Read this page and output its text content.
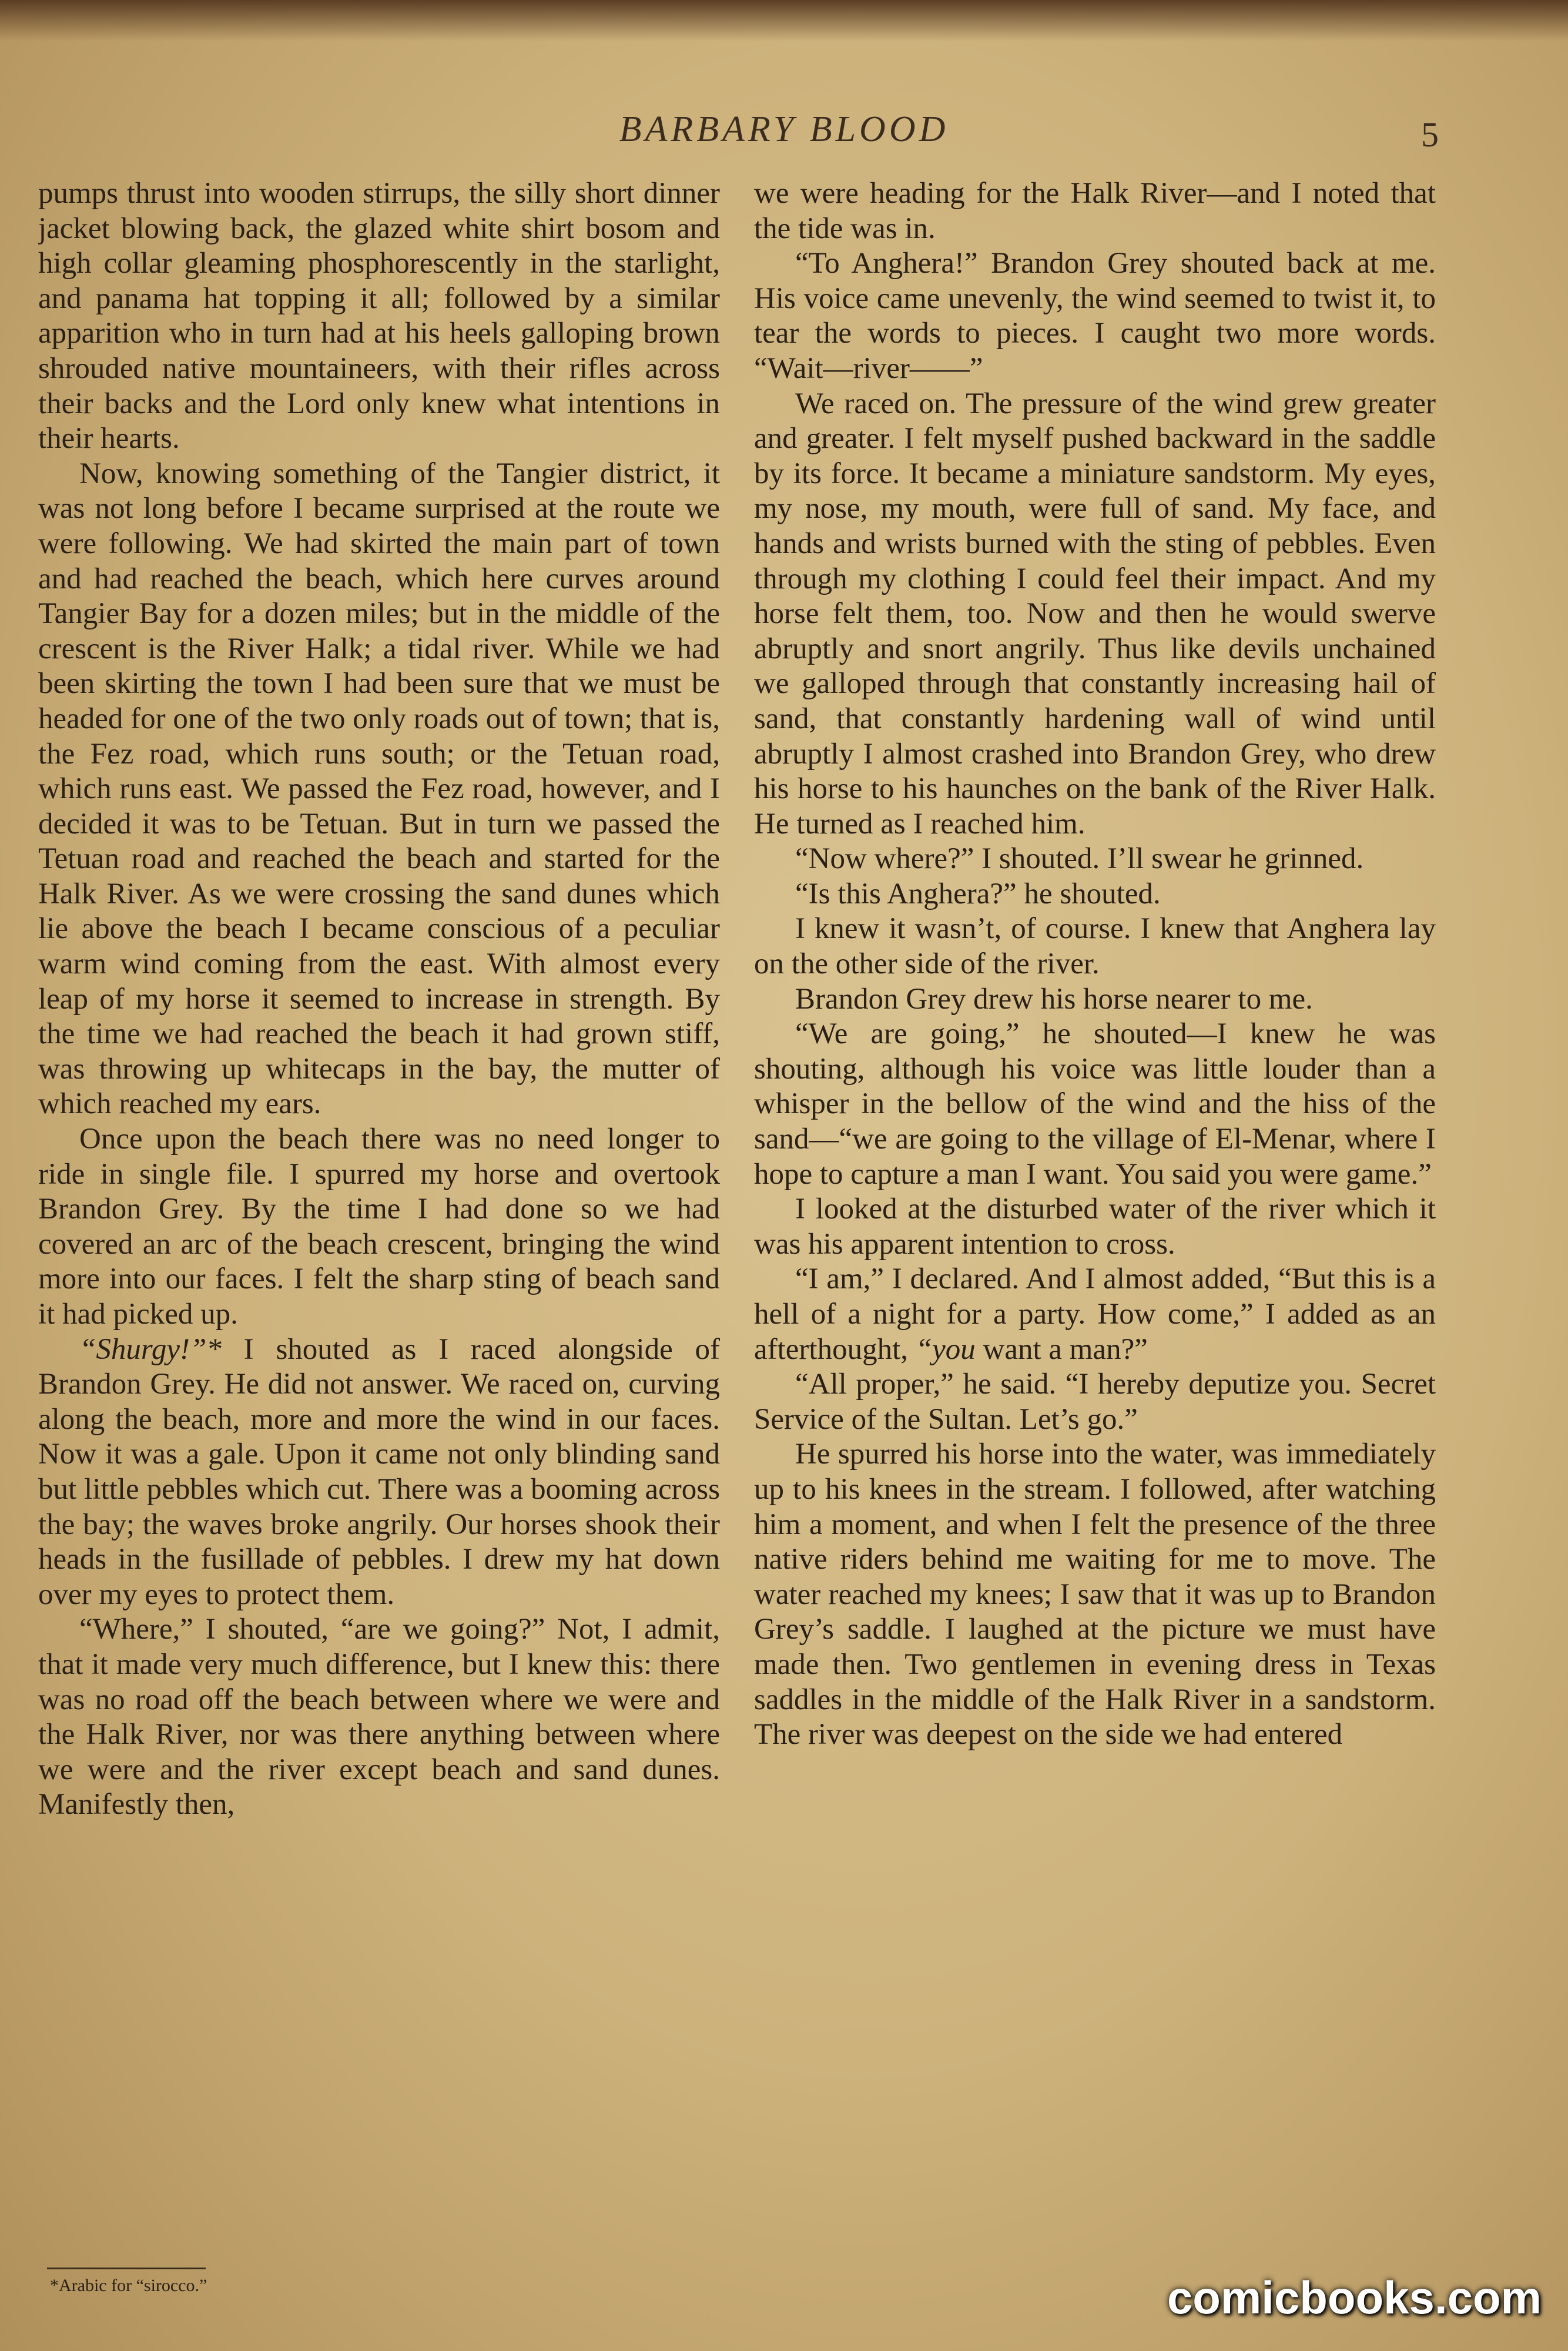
BARBARY BLOOD	5

pumps thrust into wooden stirrups, the silly short dinner jacket blowing back, the glazed white shirt bosom and high collar gleaming phosphorescently in the starlight, and panama hat topping it all; followed by a similar apparition who in turn had at his heels galloping brown shrouded native mountaineers, with their rifles across their backs and the Lord only knew what intentions in their hearts.

Now, knowing something of the Tangier district, it was not long before I became surprised at the route we were following. We had skirted the main part of town and had reached the beach, which here curves around Tangier Bay for a dozen miles; but in the middle of the crescent is the River Halk; a tidal river. While we had been skirting the town I had been sure that we must be headed for one of the two only roads out of town; that is, the Fez road, which runs south; or the Tetuan road, which runs east. We passed the Fez road, however, and I decided it was to be Tetuan. But in turn we passed the Tetuan road and reached the beach and started for the Halk River. As we were crossing the sand dunes which lie above the beach I became conscious of a peculiar warm wind coming from the east. With almost every leap of my horse it seemed to increase in strength. By the time we had reached the beach it had grown stiff, was throwing up whitecaps in the bay, the mutter of which reached my ears.

Once upon the beach there was no need longer to ride in single file. I spurred my horse and overtook Brandon Grey. By the time I had done so we had covered an arc of the beach crescent, bringing the wind more into our faces. I felt the sharp sting of beach sand it had picked up.

“Shurgy!”* I shouted as I raced alongside of Brandon Grey. He did not answer. We raced on, curving along the beach, more and more the wind in our faces. Now it was a gale. Upon it came not only blinding sand but little pebbles which cut. There was a booming across the bay; the waves broke angrily. Our horses shook their heads in the fusillade of pebbles. I drew my hat down over my eyes to protect them.

“Where,” I shouted, “are we going?” Not, I admit, that it made very much difference, but I knew this: there was no road off the beach between where we were and the Halk River, nor was there anything between where we were and the river except beach and sand dunes. Manifestly then,

we were heading for the Halk River—and I noted that the tide was in.

“To Anghera!” Brandon Grey shouted back at me. His voice came unevenly, the wind seemed to twist it, to tear the words to pieces. I caught two more words. “Wait—river——”

We raced on. The pressure of the wind grew greater and greater. I felt myself pushed backward in the saddle by its force. It became a miniature sandstorm. My eyes, my nose, my mouth, were full of sand. My face, and hands and wrists burned with the sting of pebbles. Even through my clothing I could feel their impact. And my horse felt them, too. Now and then he would swerve abruptly and snort angrily. Thus like devils unchained we galloped through that constantly increasing hail of sand, that constantly hardening wall of wind until abruptly I almost crashed into Brandon Grey, who drew his horse to his haunches on the bank of the River Halk. He turned as I reached him.

“Now where?” I shouted. I’ll swear he grinned.

“Is this Anghera?” he shouted.

I knew it wasn’t, of course. I knew that Anghera lay on the other side of the river.

Brandon Grey drew his horse nearer to me.

“We are going,” he shouted—I knew he was shouting, although his voice was little louder than a whisper in the bellow of the wind and the hiss of the sand—“we are going to the village of El-Menar, where I hope to capture a man I want. You said you were game.”

I looked at the disturbed water of the river which it was his apparent intention to cross.

“I am,” I declared. And I almost added, “But this is a hell of a night for a party. How come,” I added as an afterthought, “you want a man?”

“All proper,” he said. “I hereby deputize you. Secret Service of the Sultan. Let’s go.”

He spurred his horse into the water, was immediately up to his knees in the stream. I followed, after watching him a moment, and when I felt the presence of the three native riders behind me waiting for me to move. The water reached my knees; I saw that it was up to Brandon Grey’s saddle. I laughed at the picture we must have made then. Two gentlemen in evening dress in Texas saddles in the middle of the Halk River in a sandstorm. The river was deepest on the side we had entered

*Arabic for “sirocco.”	comicbooks.com
